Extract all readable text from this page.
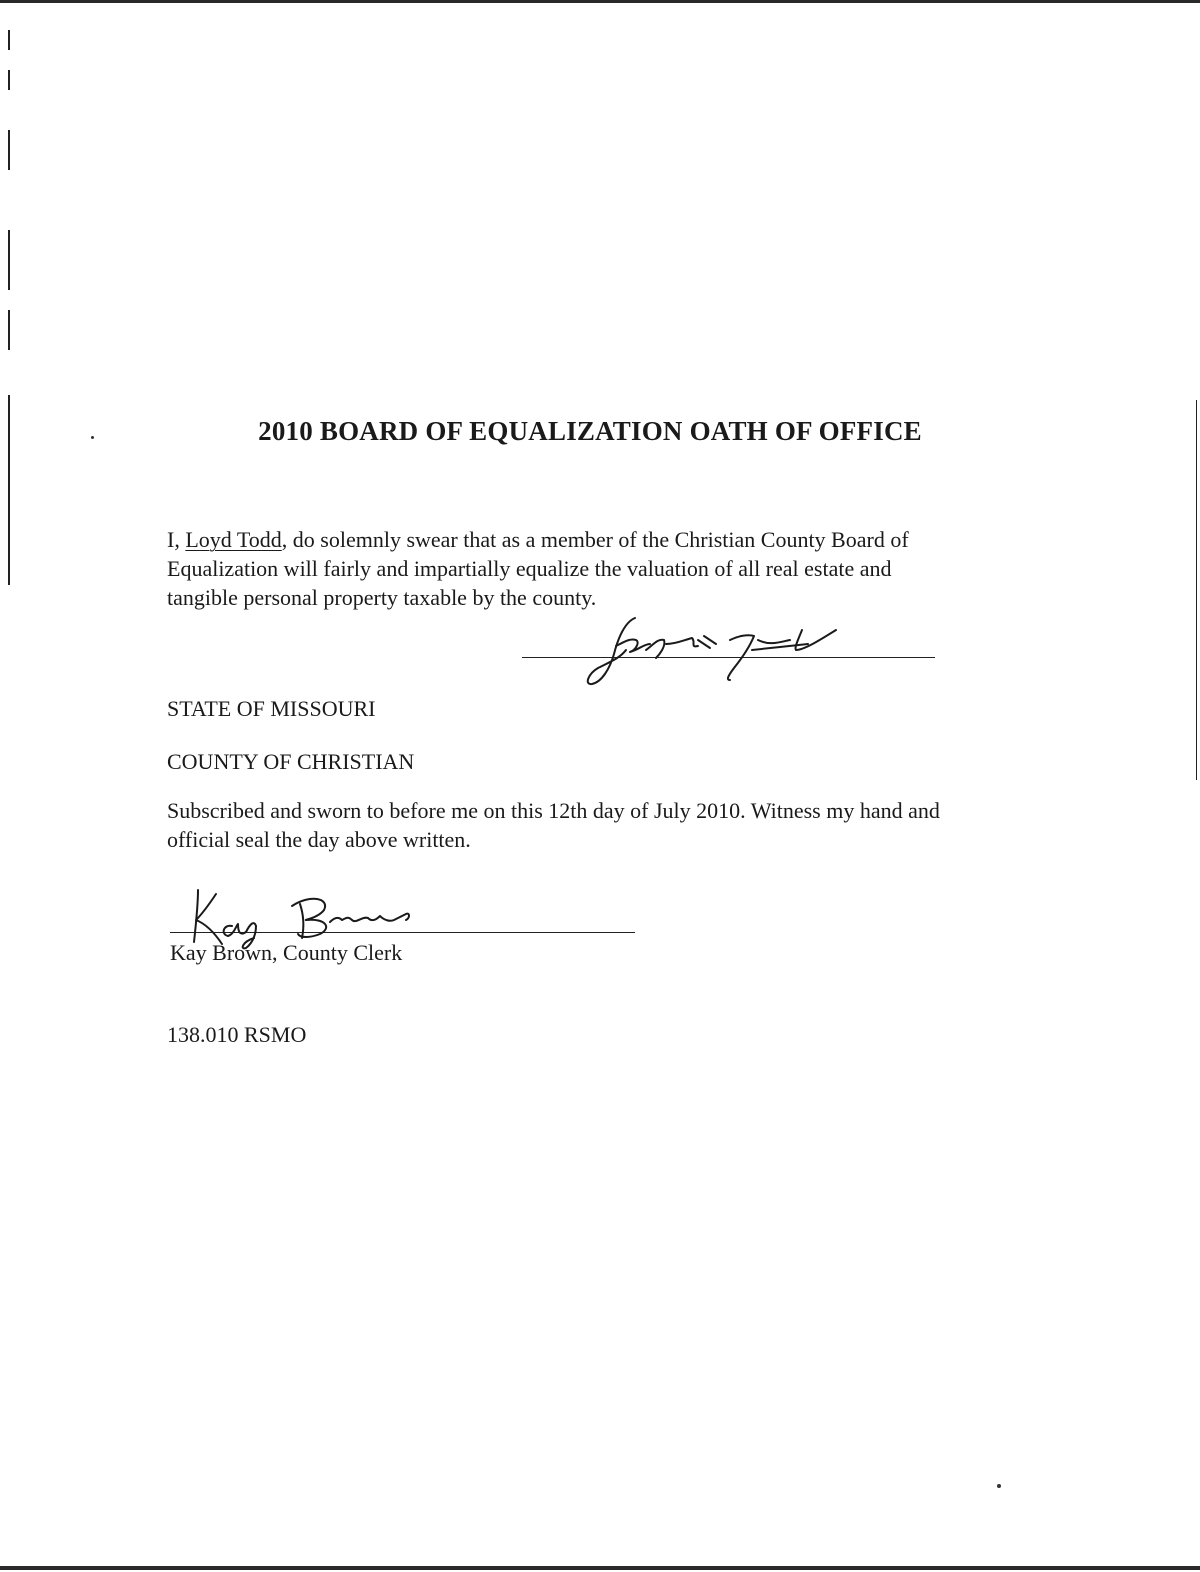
2010 BOARD OF EQUALIZATION OATH OF OFFICE
I, Loyd Todd, do solemnly swear that as a member of the Christian County Board of
Equalization will fairly and impartially equalize the valuation of all real estate and
tangible personal property taxable by the county.
STATE OF MISSOURI
COUNTY OF CHRISTIAN
Subscribed and sworn to before me on this 12th day of July 2010. Witness my hand and
official seal the day above written.
Kay Brown, County Clerk
138.010 RSMO
